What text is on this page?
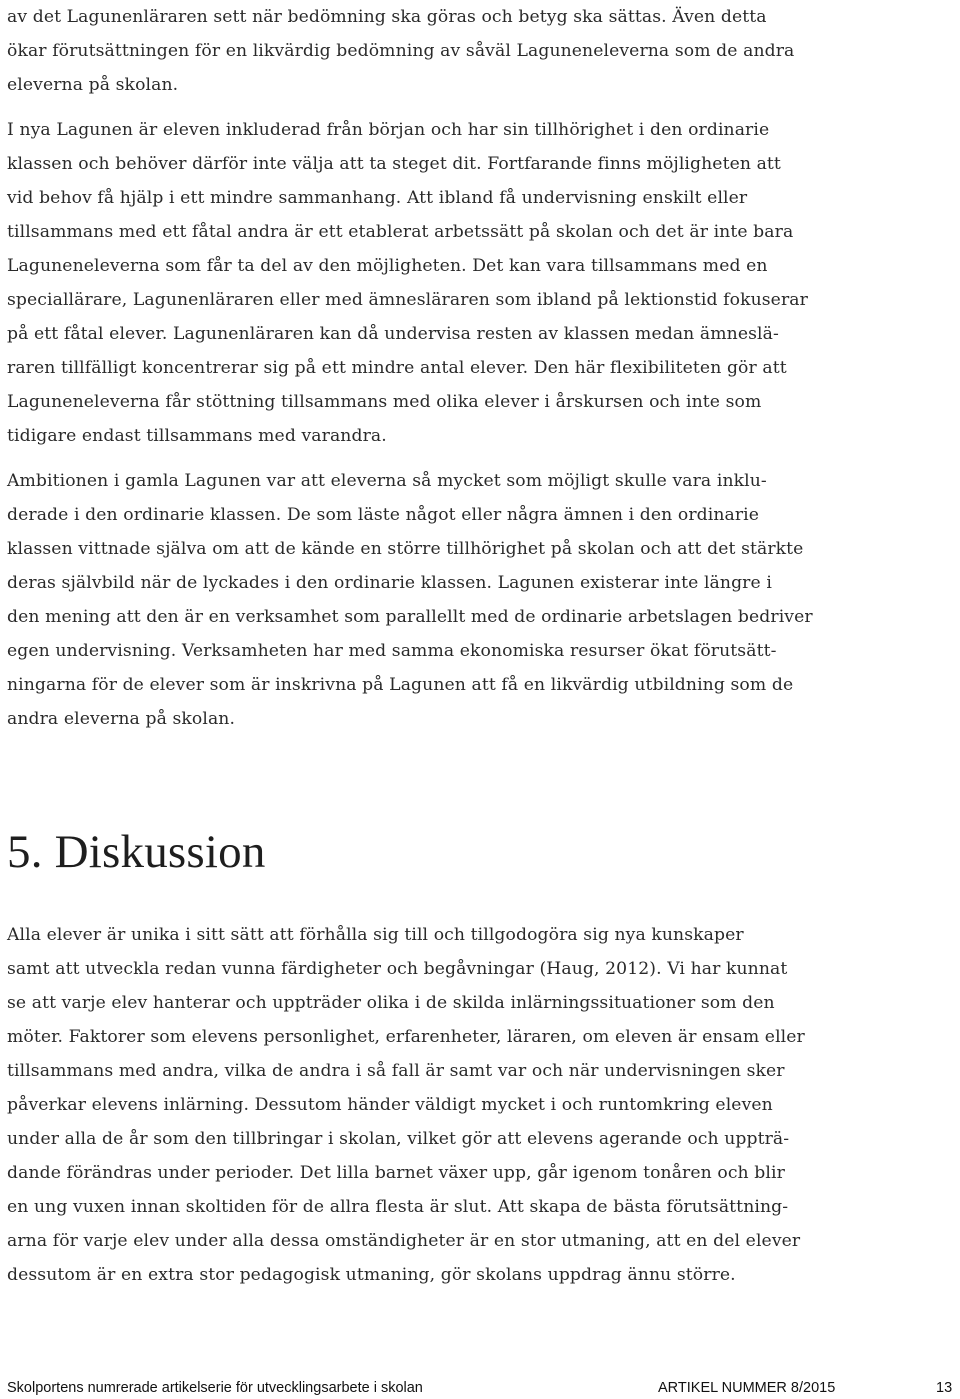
av det Lagunenläraren sett när bedömning ska göras och betyg ska sättas. Även detta
ökar förutsättningen för en likvärdig bedömning av såväl Laguneneleverna som de andra
eleverna på skolan.
I nya Lagunen är eleven inkluderad från början och har sin tillhörighet i den ordinarie
klassen och behöver därför inte välja att ta steget dit. Fortfarande finns möjligheten att
vid behov få hjälp i ett mindre sammanhang. Att ibland få undervisning enskilt eller
tillsammans med ett fåtal andra är ett etablerat arbetssätt på skolan och det är inte bara
Laguneneleverna som får ta del av den möjligheten. Det kan vara tillsammans med en
speciallärare, Lagunenläraren eller med ämnesläraren som ibland på lektionstid fokuserar
på ett fåtal elever. Lagunenläraren kan då undervisa resten av klassen medan ämneslä-
raren tillfälligt koncentrerar sig på ett mindre antal elever. Den här flexibiliteten gör att
Laguneneleverna får stöttning tillsammans med olika elever i årskursen och inte som
tidigare endast tillsammans med varandra.
Ambitionen i gamla Lagunen var att eleverna så mycket som möjligt skulle vara inklu-
derade i den ordinarie klassen. De som läste något eller några ämnen i den ordinarie
klassen vittnade själva om att de kände en större tillhörighet på skolan och att det stärkte
deras självbild när de lyckades i den ordinarie klassen. Lagunen existerar inte längre i
den mening att den är en verksamhet som parallellt med de ordinarie arbetslagen bedriver
egen undervisning. Verksamheten har med samma ekonomiska resurser ökat förutsätt-
ningarna för de elever som är inskrivna på Lagunen att få en likvärdig utbildning som de
andra eleverna på skolan.
5. Diskussion
Alla elever är unika i sitt sätt att förhålla sig till och tillgodogöra sig nya kunskaper
samt att utveckla redan vunna färdigheter och begåvningar (Haug, 2012). Vi har kunnat
se att varje elev hanterar och uppträder olika i de skilda inlärningssituationer som den
möter. Faktorer som elevens personlighet, erfarenheter, läraren, om eleven är ensam eller
tillsammans med andra, vilka de andra i så fall är samt var och när undervisningen sker
påverkar elevens inlärning. Dessutom händer väldigt mycket i och runtomkring eleven
under alla de år som den tillbringar i skolan, vilket gör att elevens agerande och uppträ-
dande förändras under perioder. Det lilla barnet växer upp, går igenom tonåren och blir
en ung vuxen innan skoltiden för de allra flesta är slut. Att skapa de bästa förutsättning-
arna för varje elev under alla dessa omständigheter är en stor utmaning, att en del elever
dessutom är en extra stor pedagogisk utmaning, gör skolans uppdrag ännu större.
Skolportens numrerade artikelserie för utvecklingsarbete i skolan	ARTIKEL NUMMER 8/2015	13
